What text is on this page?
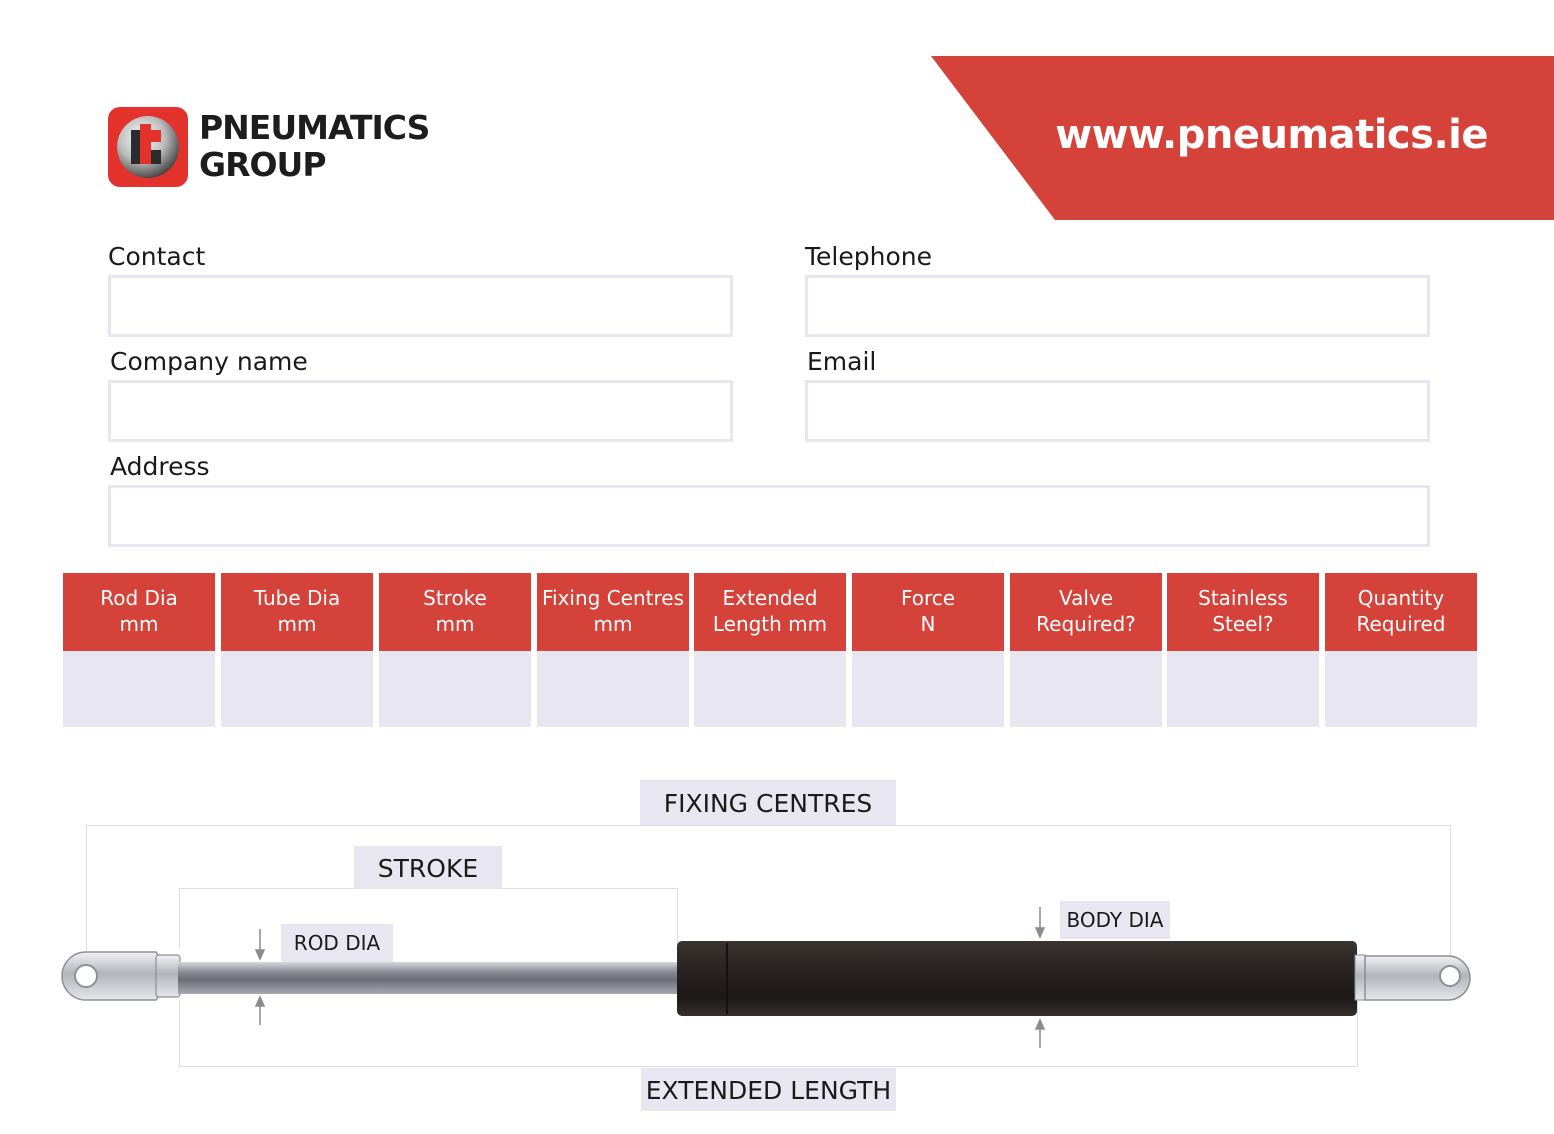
www.pneumatics.ie
PNEUMATICS
GROUP
Contact	Telephone
Company name	Email
Address
Rod Dia
mm
Tube Dia
mm
Stroke
mm
Fixing Centres
mm
Extended
Length mm
Force
N
Valve
Required?
Stainless
Steel?
Quantity
Required
FIXING CENTRES
STROKE
ROD DIA
BODY DIA
EXTENDED LENGTH
